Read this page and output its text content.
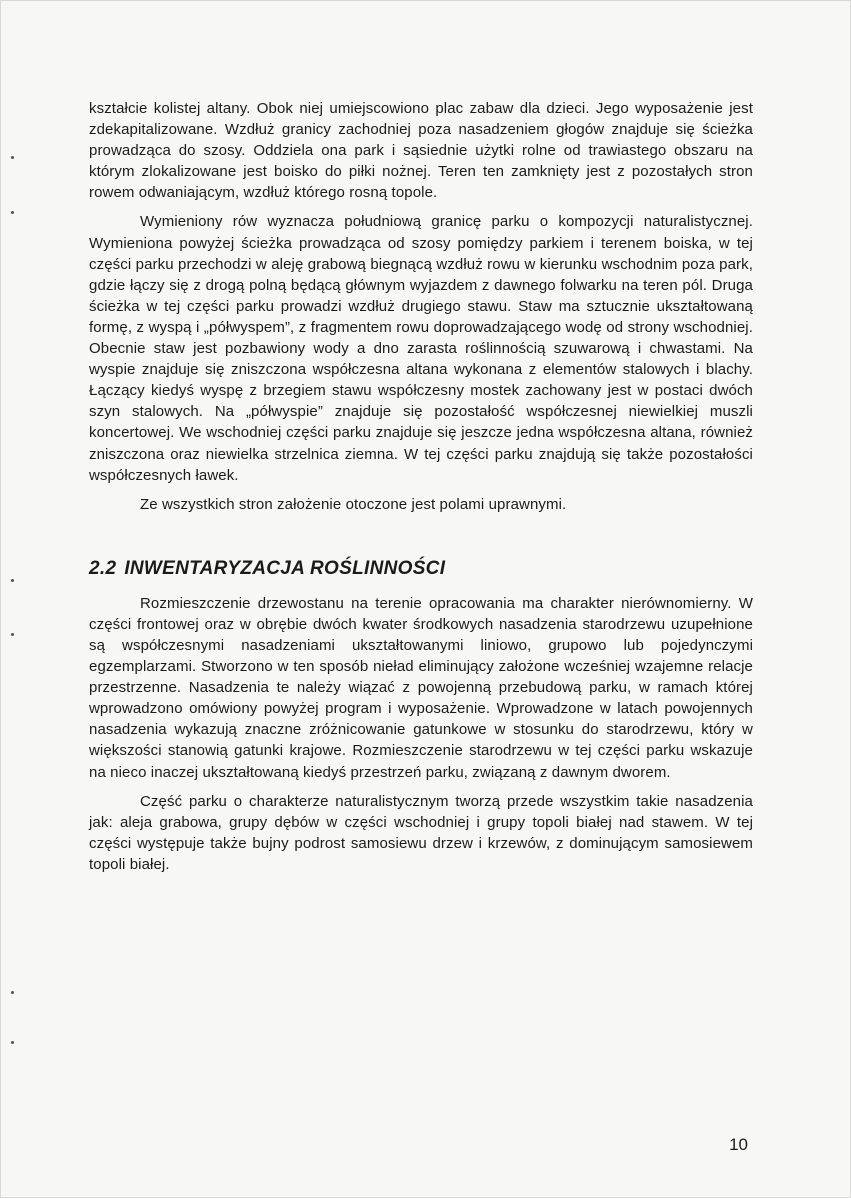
kształcie kolistej altany. Obok niej umiejscowiono plac zabaw dla dzieci. Jego wyposażenie jest zdekapitalizowane. Wzdłuż granicy zachodniej poza nasadzeniem głogów znajduje się ścieżka prowadząca do szosy. Oddziela ona park i sąsiednie użytki rolne od trawiastego obszaru na którym zlokalizowane jest boisko do piłki nożnej. Teren ten zamknięty jest z pozostałych stron rowem odwaniającym, wzdłuż którego rosną topole.

Wymieniony rów wyznacza południową granicę parku o kompozycji naturalistycznej. Wymieniona powyżej ścieżka prowadząca od szosy pomiędzy parkiem i terenem boiska, w tej części parku przechodzi w aleję grabową biegnącą wzdłuż rowu w kierunku wschodnim poza park, gdzie łączy się z drogą polną będącą głównym wyjazdem z dawnego folwarku na teren pól. Druga ścieżka w tej części parku prowadzi wzdłuż drugiego stawu. Staw ma sztucznie ukształtowaną formę, z wyspą i „półwyspem”, z fragmentem rowu doprowadzającego wodę od strony wschodniej. Obecnie staw jest pozbawiony wody a dno zarasta roślinnością szuwarową i chwastami. Na wyspie znajduje się zniszczona współczesna altana wykonana z elementów stalowych i blachy. Łączący kiedyś wyspę z brzegiem stawu współczesny mostek zachowany jest w postaci dwóch szyn stalowych. Na „półwyspie” znajduje się pozostałość współczesnej niewielkiej muszli koncertowej. We wschodniej części parku znajduje się jeszcze jedna współczesna altana, również zniszczona oraz niewielka strzelnica ziemna. W tej części parku znajdują się także pozostałości współczesnych ławek.

Ze wszystkich stron założenie otoczone jest polami uprawnymi.

2.2 INWENTARYZACJA ROŚLINNOŚCI

Rozmieszczenie drzewostanu na terenie opracowania ma charakter nierównomierny. W części frontowej oraz w obrębie dwóch kwater środkowych nasadzenia starodrzewu uzupełnione są współczesnymi nasadzeniami ukształtowanymi liniowo, grupowo lub pojedynczymi egzemplarzami. Stworzono w ten sposób nieład eliminujący założone wcześniej wzajemne relacje przestrzenne. Nasadzenia te należy wiązać z powojenną przebudową parku, w ramach której wprowadzono omówiony powyżej program i wyposażenie. Wprowadzone w latach powojennych nasadzenia wykazują znaczne zróżnicowanie gatunkowe w stosunku do starodrzewu, który w większości stanowią gatunki krajowe. Rozmieszczenie starodrzewu w tej części parku wskazuje na nieco inaczej ukształtowaną kiedyś przestrzeń parku, związaną z dawnym dworem.

Część parku o charakterze naturalistycznym tworzą przede wszystkim takie nasadzenia jak: aleja grabowa, grupy dębów w części wschodniej i grupy topoli białej nad stawem. W tej części występuje także bujny podrost samosiewu drzew i krzewów, z dominującym samosiewem topoli białej.

10
